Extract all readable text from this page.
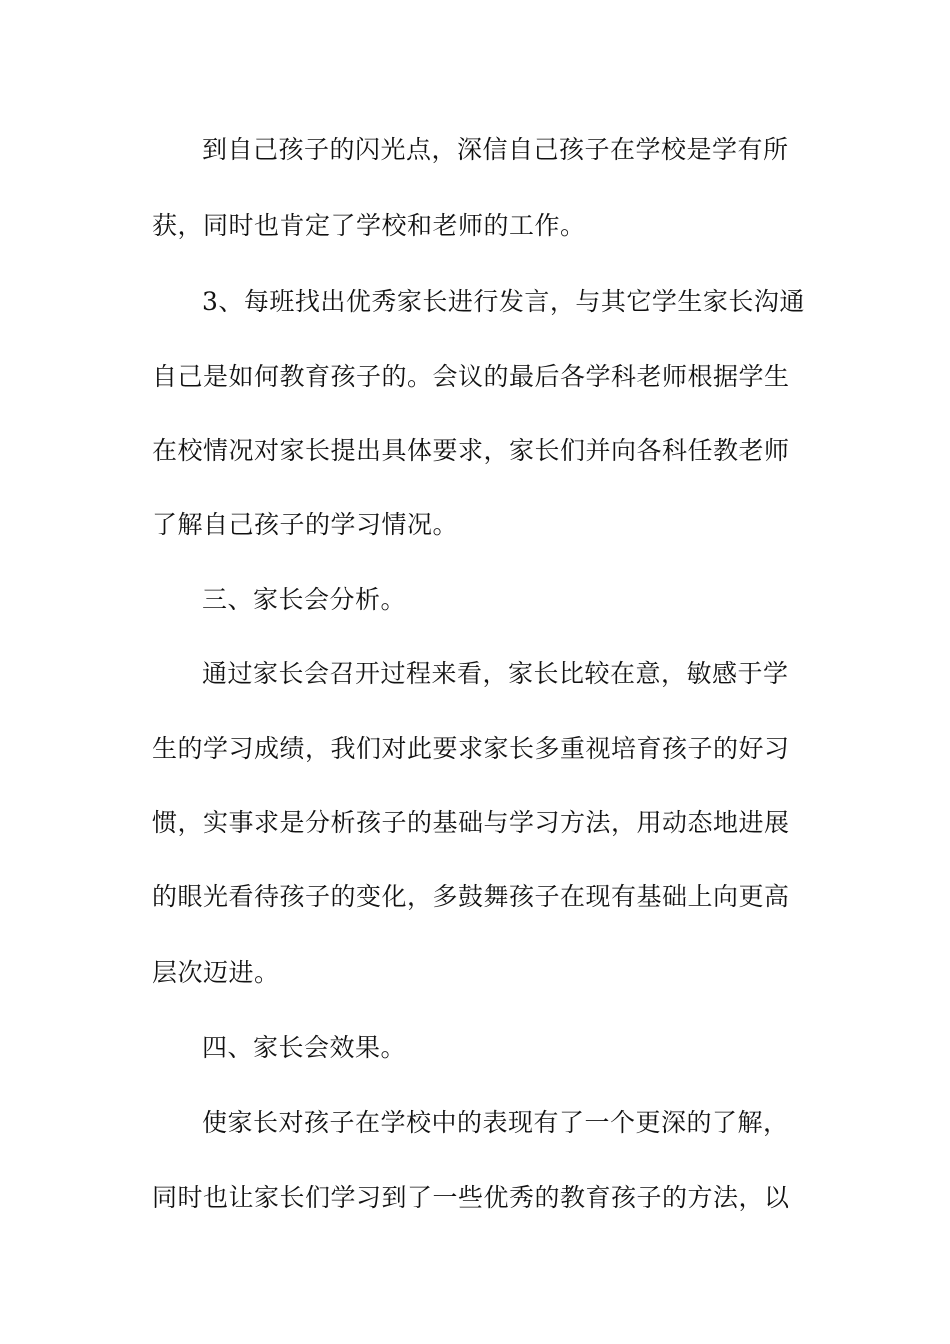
到自己孩子的闪光点，深信自己孩子在学校是学有所
获，同时也肯定了学校和老师的工作。
3、每班找出优秀家长进行发言，与其它学生家长沟通
自己是如何教育孩子的。会议的最后各学科老师根据学生
在校情况对家长提出具体要求，家长们并向各科任教老师
了解自己孩子的学习情况。
三、家长会分析。
通过家长会召开过程来看，家长比较在意，敏感于学
生的学习成绩，我们对此要求家长多重视培育孩子的好习
惯，实事求是分析孩子的基础与学习方法，用动态地进展
的眼光看待孩子的变化，多鼓舞孩子在现有基础上向更高
层次迈进。
四、家长会效果。
使家长对孩子在学校中的表现有了一个更深的了解，
同时也让家长们学习到了一些优秀的教育孩子的方法，以
